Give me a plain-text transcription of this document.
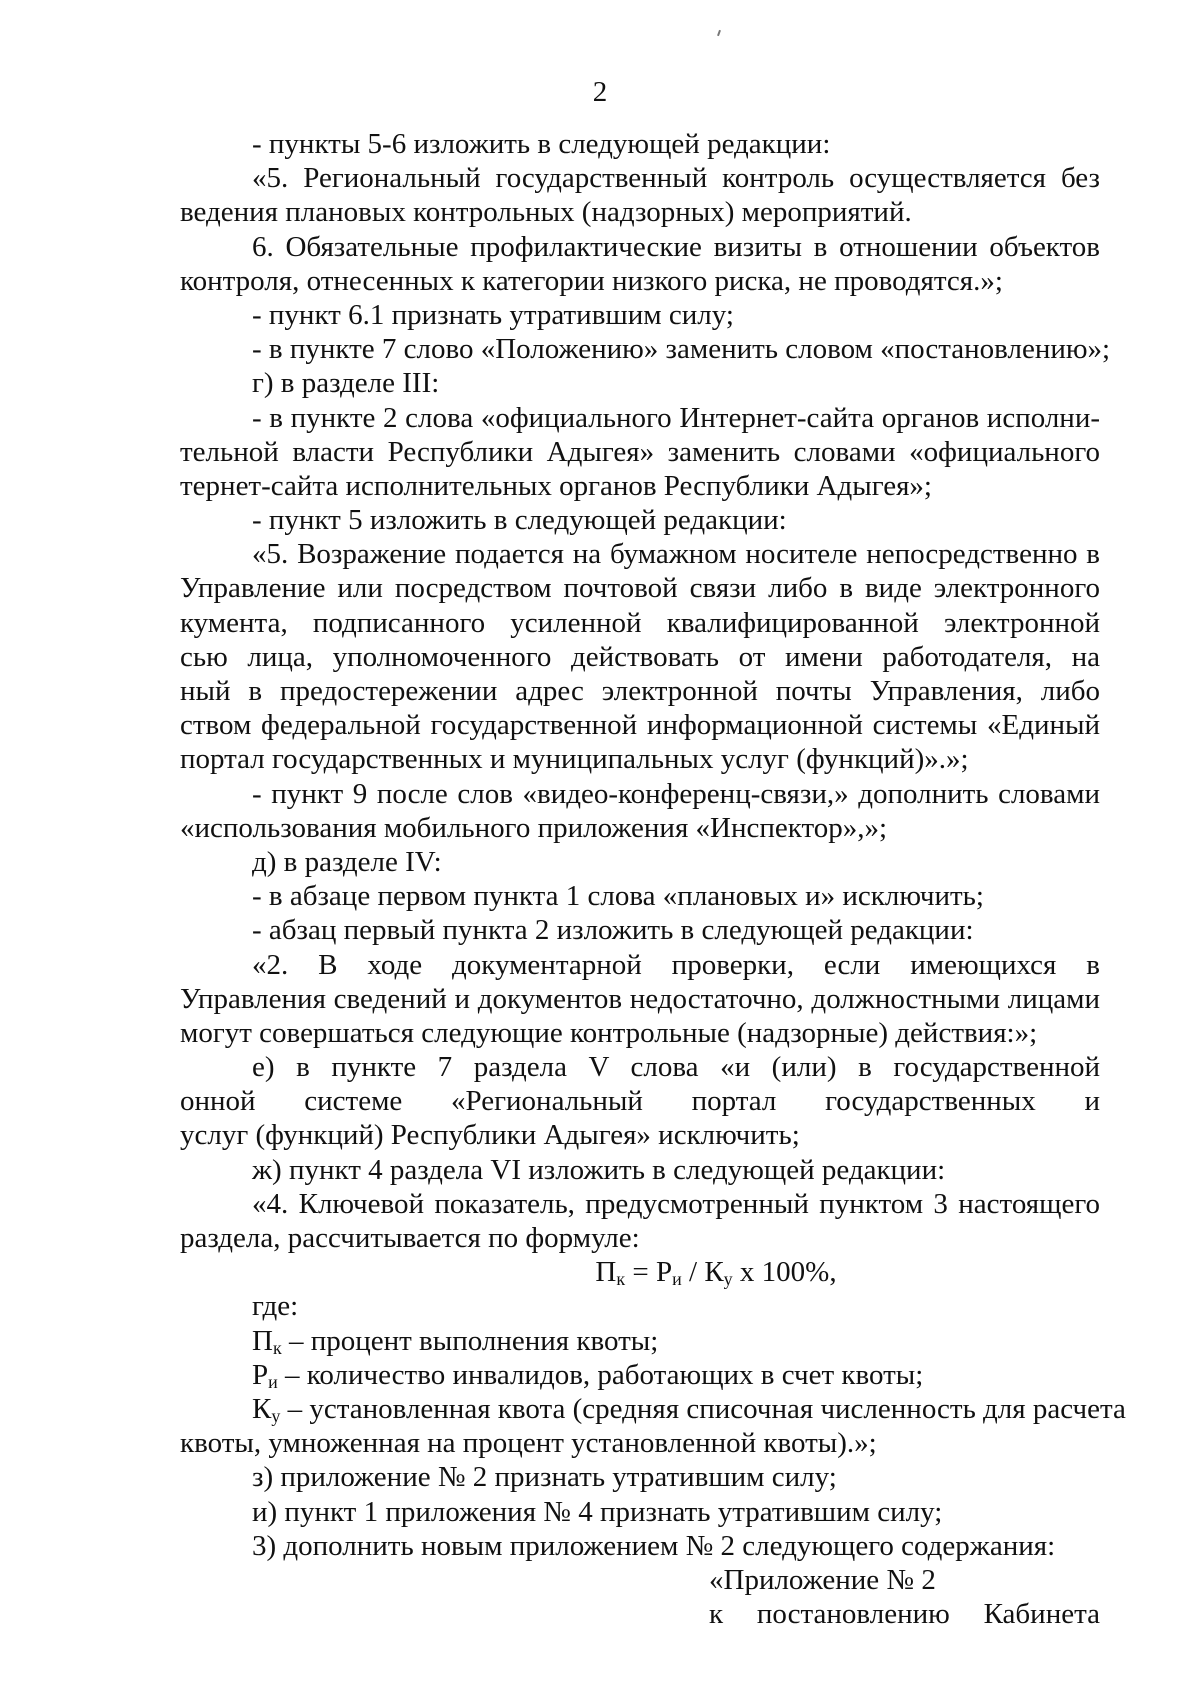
2
- пункты 5-6 изложить в следующей редакции:
«5. Региональный государственный контроль осуществляется без
ведения плановых контрольных (надзорных) мероприятий.
6. Обязательные профилактические визиты в отношении объектов
контроля, отнесенных к категории низкого риска, не проводятся.»;
- пункт 6.1 признать утратившим силу;
- в пункте 7 слово «Положению» заменить словом «постановлению»;
г) в разделе III:
- в пункте 2 слова «официального Интернет-сайта органов исполни-
тельной власти Республики Адыгея» заменить словами «официального
тернет-сайта исполнительных органов Республики Адыгея»;
- пункт 5 изложить в следующей редакции:
«5. Возражение подается на бумажном носителе непосредственно в
Управление или посредством почтовой связи либо в виде электронного
кумента, подписанного усиленной квалифицированной электронной
сью лица, уполномоченного действовать от имени работодателя, на
ный в предостережении адрес электронной почты Управления, либо
ством федеральной государственной информационной системы «Единый
портал государственных и муниципальных услуг (функций)».»;
- пункт 9 после слов «видео-конференц-связи,» дополнить словами
«использования мобильного приложения «Инспектор»,»;
д) в разделе IV:
- в абзаце первом пункта 1 слова «плановых и» исключить;
- абзац первый пункта 2 изложить в следующей редакции:
«2. В ходе документарной проверки, если имеющихся в
Управления сведений и документов недостаточно, должностными лицами
могут совершаться следующие контрольные (надзорные) действия:»;
е) в пункте 7 раздела V слова «и (или) в государственной
онной системе «Региональный портал государственных и
услуг (функций) Республики Адыгея» исключить;
ж) пункт 4 раздела VI изложить в следующей редакции:
«4. Ключевой показатель, предусмотренный пунктом 3 настоящего
раздела, рассчитывается по формуле:
$П_к = Р_и / К_у$ х 100%,
где:
$П_к$ – процент выполнения квоты;
$Р_и$ – количество инвалидов, работающих в счет квоты;
$К_у$ – установленная квота (средняя списочная численность для расчета
квоты, умноженная на процент установленной квоты).»;
з) приложение № 2 признать утратившим силу;
и) пункт 1 приложения № 4 признать утратившим силу;
3) дополнить новым приложением № 2 следующего содержания:
«Приложение № 2
к постановлению Кабинета
